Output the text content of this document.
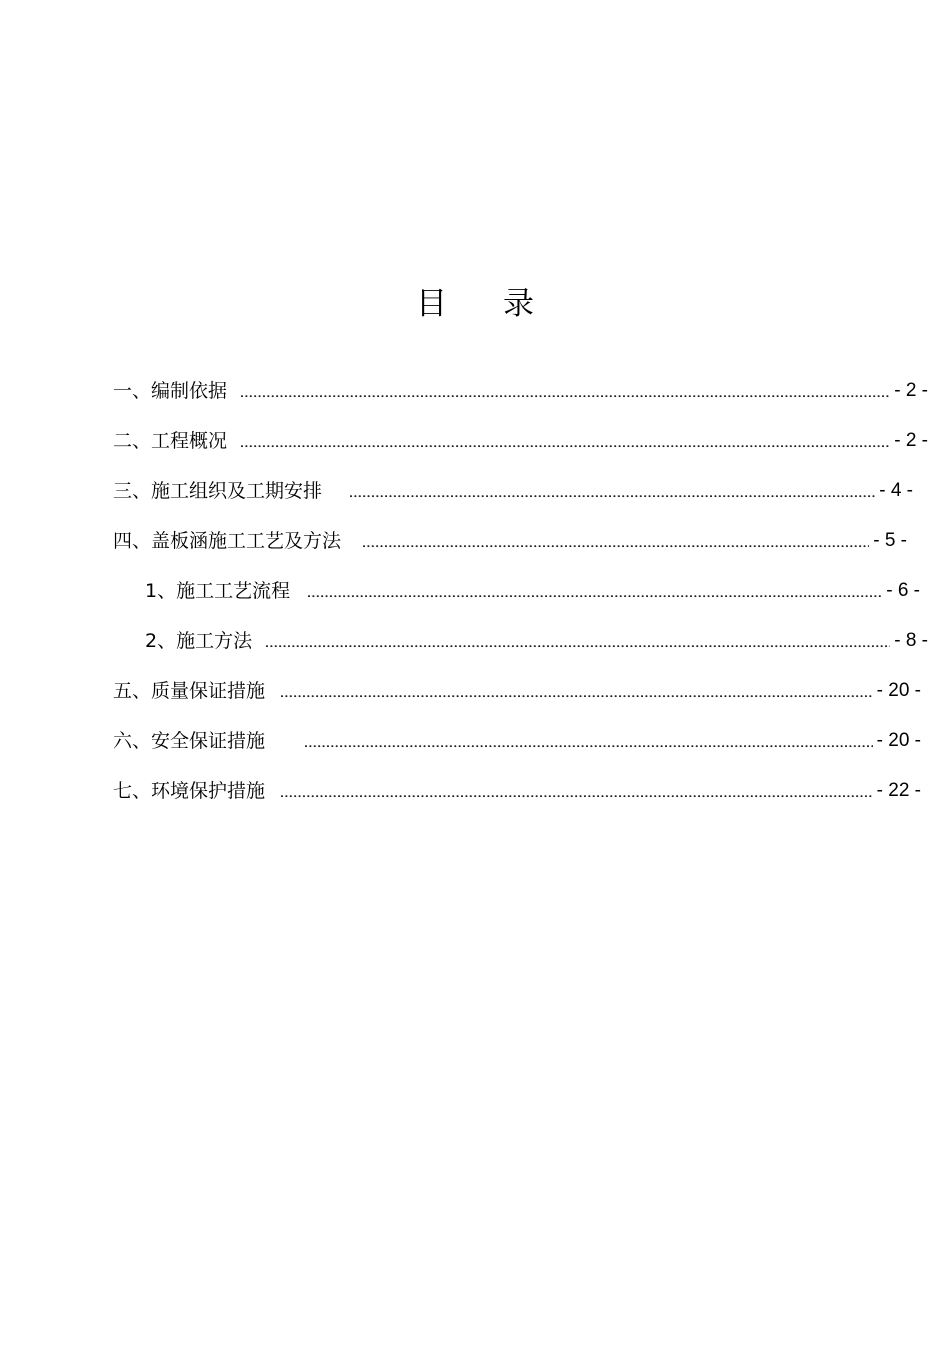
目录
一、编制依据	- 2 -
二、工程概况	- 2 -
三、施工组织及工期安排	- 4 -
四、盖板涵施工工艺及方法	- 5 -
1、施工工艺流程	- 6 -
2、施工方法	- 8 -
五、质量保证措施	- 20 -
六、安全保证措施	- 20 -
七、环境保护措施	- 22 -
